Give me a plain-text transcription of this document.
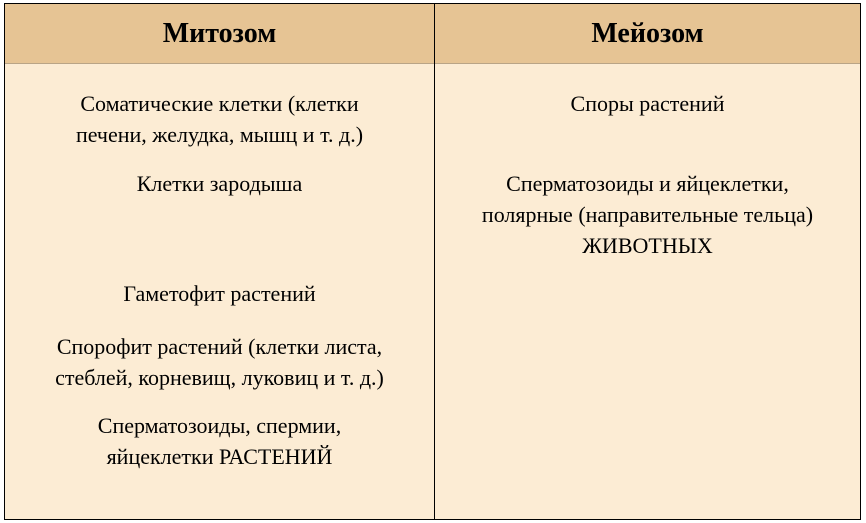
Митозом	Мейозом
Соматические клетки (клетки
печени, желудка, мышц и т. д.)
Клетки зародыша
Гаметофит растений
Спорофит растений (клетки листа,
стеблей, корневищ, луковиц и т. д.)
Сперматозоиды, спермии,
яйцеклетки РАСТЕНИЙ
Споры растений
Сперматозоиды и яйцеклетки,
полярные (направительные тельца)
ЖИВОТНЫХ
